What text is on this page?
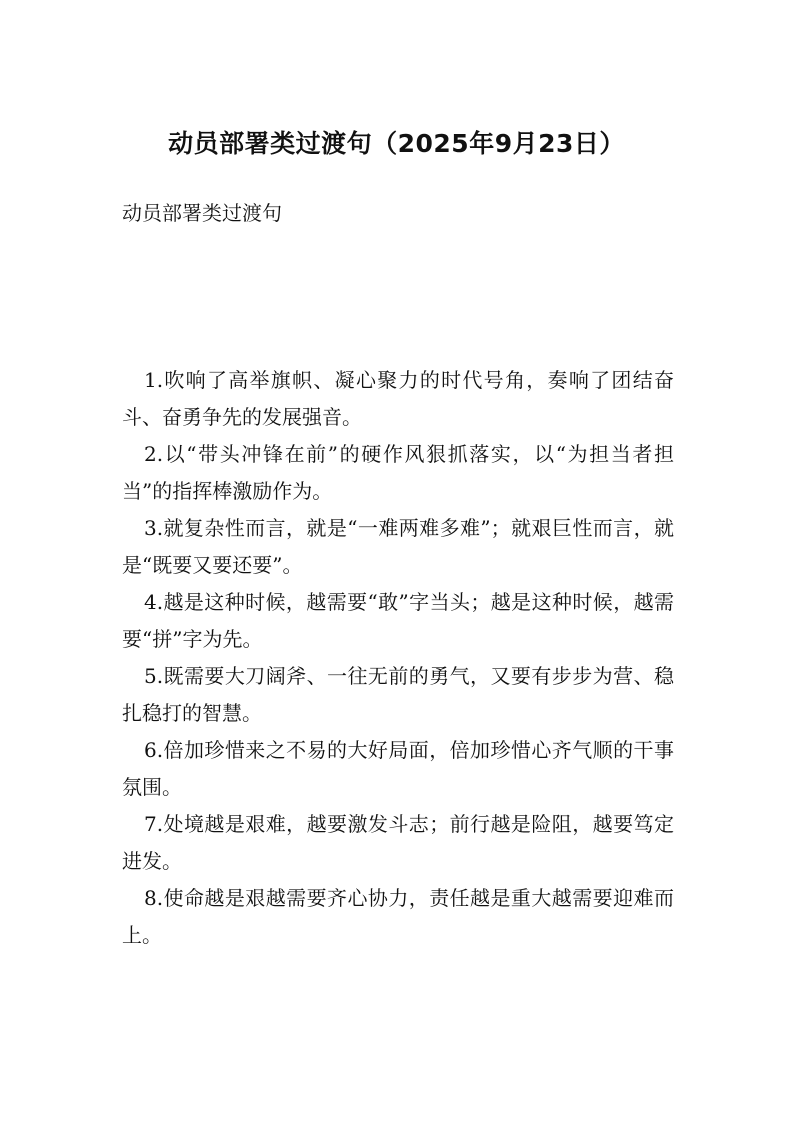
动员部署类过渡句（2025年9月23日）
动员部署类过渡句

1.吹响了高举旗帜、凝心聚力的时代号角，奏响了团结奋斗、奋勇争先的发展强音。

2.以“带头冲锋在前”的硬作风狠抓落实，以“为担当者担当”的指挥棒激励作为。

3.就复杂性而言，就是“一难两难多难”；就艰巨性而言，就是“既要又要还要”。

4.越是这种时候，越需要“敢”字当头；越是这种时候，越需要“拼”字为先。

5.既需要大刀阔斧、一往无前的勇气，又要有步步为营、稳扎稳打的智慧。

6.倍加珍惜来之不易的大好局面，倍加珍惜心齐气顺的干事氛围。

7.处境越是艰难，越要激发斗志；前行越是险阻，越要笃定进发。

8.使命越是艰越需要齐心协力，责任越是重大越需要迎难而上。
